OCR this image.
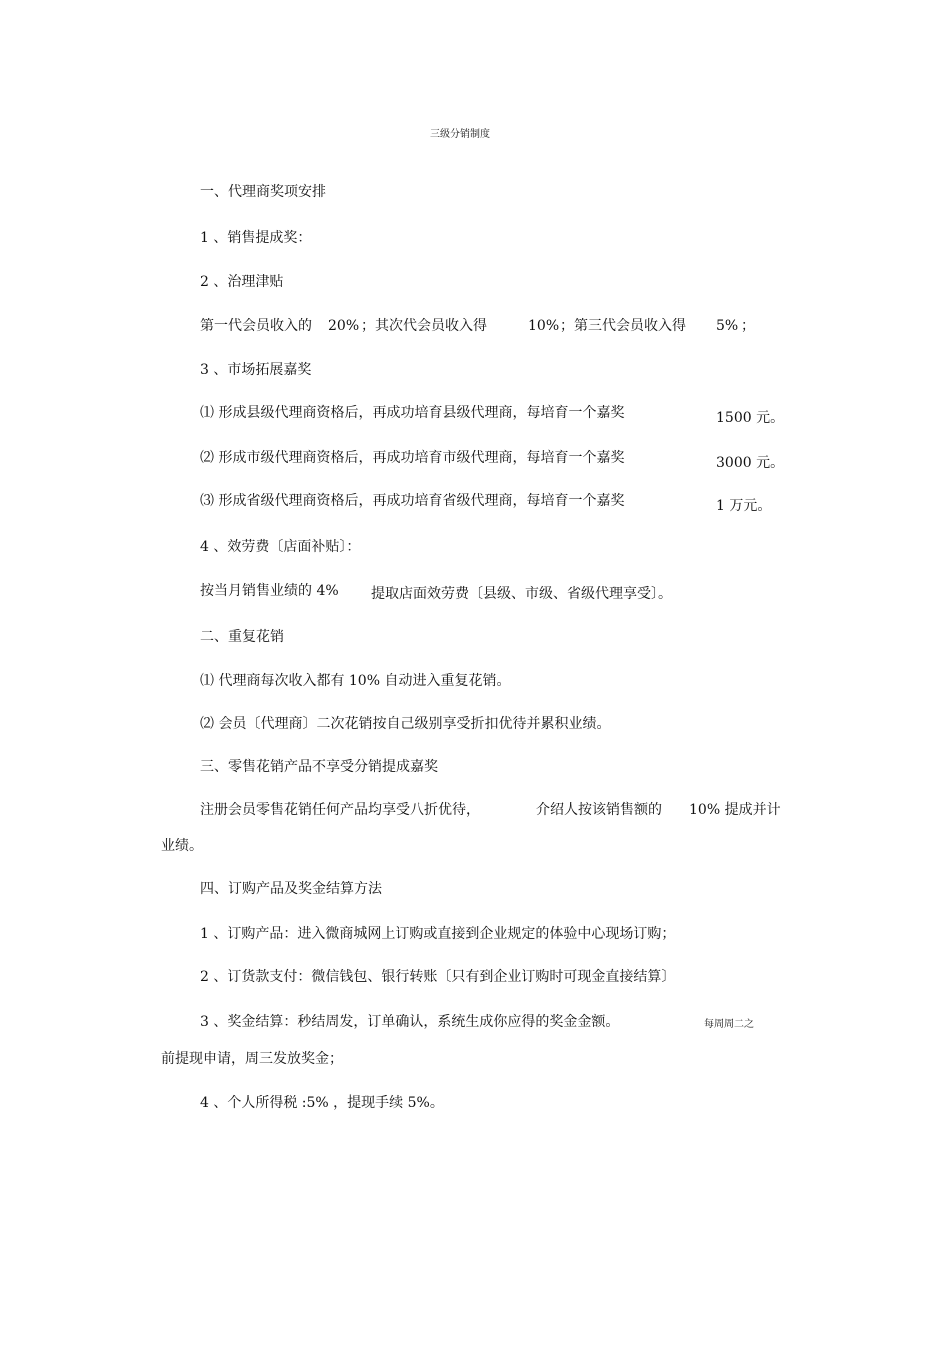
三级分销制度
一、代理商奖项安排
1 、销售提成奖：
2 、治理津贴
第一代会员收入的 20% ；其次代会员收入得	10% ；第三代会员收入得 5% ；
3 、市场拓展嘉奖
⑴ 形成县级代理商资格后，再成功培育县级代理商，每培育一个嘉奖	1500 元。
⑵ 形成市级代理商资格后，再成功培育市级代理商，每培育一个嘉奖	3000 元。
⑶ 形成省级代理商资格后，再成功培育省级代理商，每培育一个嘉奖	1 万元。
4 、效劳费〔店面补贴〕：
按当月销售业绩的 4% 提取店面效劳费〔县级、市级、省级代理享受〕。
二、重复花销
⑴ 代理商每次收入都有 10% 自动进入重复花销。
⑵ 会员〔代理商〕二次花销按自己级别享受折扣优待并累积业绩。
三、零售花销产品不享受分销提成嘉奖
注册会员零售花销任何产品均享受八折优待，	介绍人按该销售额的 10% 提成并计
业绩。
四、订购产品及奖金结算方法
1 、订购产品：进入微商城网上订购或直接到企业规定的体验中心现场订购；
2 、订货款支付：微信钱包、银行转账〔只有到企业订购时可现金直接结算〕
3 、奖金结算：秒结周发，订单确认，系统生成你应得的奖金金额。	每周周二之
前提现申请，周三发放奖金；
4 、个人所得税 :5% ，提现手续 5%。
